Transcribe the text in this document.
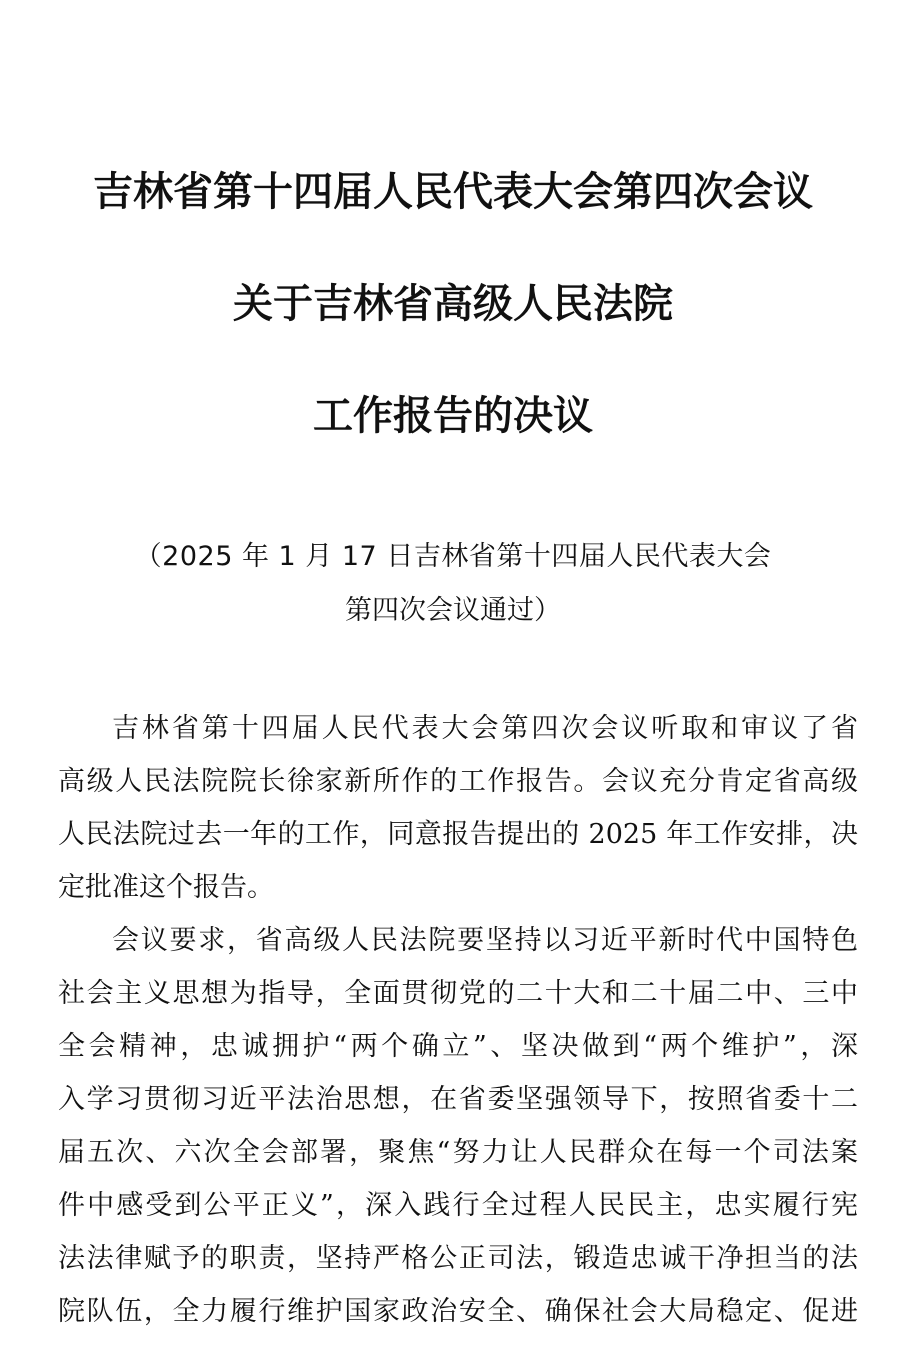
吉林省第十四届人民代表大会第四次会议
关于吉林省高级人民法院
工作报告的决议
（2025 年 1 月 17 日吉林省第十四届人民代表大会
第四次会议通过）
吉林省第十四届人民代表大会第四次会议听取和审议了省
高级人民法院院长徐家新所作的工作报告。会议充分肯定省高级
人民法院过去一年的工作，同意报告提出的 2025 年工作安排，决
定批准这个报告。
会议要求，省高级人民法院要坚持以习近平新时代中国特色
社会主义思想为指导，全面贯彻党的二十大和二十届二中、三中
全会精神，忠诚拥护“两个确立”、坚决做到“两个维护”，深
入学习贯彻习近平法治思想，在省委坚强领导下，按照省委十二
届五次、六次全会部署，聚焦“努力让人民群众在每一个司法案
件中感受到公平正义”，深入践行全过程人民民主，忠实履行宪
法法律赋予的职责，坚持严格公正司法，锻造忠诚干净担当的法
院队伍，全力履行维护国家政治安全、确保社会大局稳定、促进
